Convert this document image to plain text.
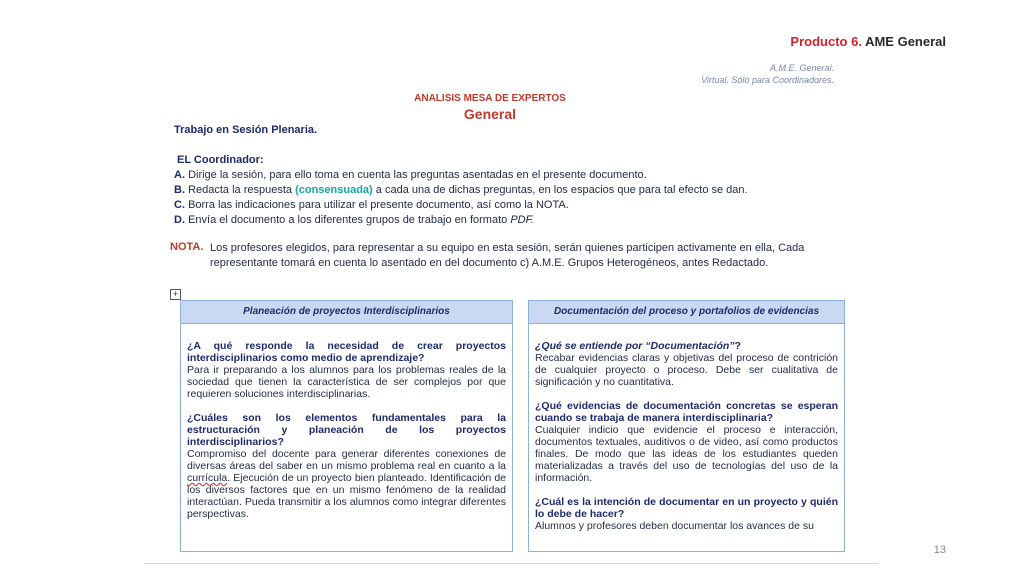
Producto 6. AME General
A.M.E. General.
Virtual. Sólo para Coordinadores.
ANALISIS MESA DE EXPERTOS
General
Trabajo en Sesión Plenaria.
EL Coordinador:
A. Dirige la sesión, para ello toma en cuenta las preguntas asentadas en el presente documento.
B. Redacta la respuesta (consensuada) a cada una de dichas preguntas, en los espacios que para tal efecto se dan.
C. Borra las indicaciones para utilizar el presente documento, así como la NOTA.
D. Envía el documento a los diferentes grupos de trabajo en formato PDF.
NOTA. Los profesores elegidos, para representar a su equipo en esta sesión, serán quienes participen activamente en ella, Cada representante tomará en cuenta lo asentado en del documento c) A.M.E. Grupos Heterogéneos, antes Redactado.
+
Planeación de proyectos Interdisciplinarios
¿A qué responde la necesidad de crear proyectos interdisciplinarios como medio de aprendizaje?
Para ir preparando a los alumnos para los problemas reales de la sociedad que tienen la característica de ser complejos por que requieren soluciones interdisciplinarias.
¿Cuáles son los elementos fundamentales para la estructuración y planeación de los proyectos interdisciplinarios?
Compromiso del docente para generar diferentes conexiones de diversas áreas del saber en un mismo problema real en cuanto a la currícula. Ejecución de un proyecto bien planteado. Identificación de los diversos factores que en un mismo fenómeno de la realidad interactúan. Pueda transmitir a los alumnos como integrar diferentes perspectivas.
Documentación del proceso y portafolios de evidencias
¿Qué se entiende por “Documentación”?
Recabar evidencias claras y objetivas del proceso de contrición de cualquier proyecto o proceso. Debe ser cualitativa de significación y no cuantitativa.
¿Qué evidencias de documentación concretas se esperan cuando se trabaja de manera interdisciplinaria?
Cualquier indicio que evidencie el proceso e interacción, documentos textuales, auditivos o de video, así como productos finales. De modo que las ideas de los estudiantes queden materializadas a través del uso de tecnologías del uso de la información.
¿Cuál es la intención de documentar en un proyecto y quién lo debe de hacer?
Alumnos y profesores deben documentar los avances de su
13
